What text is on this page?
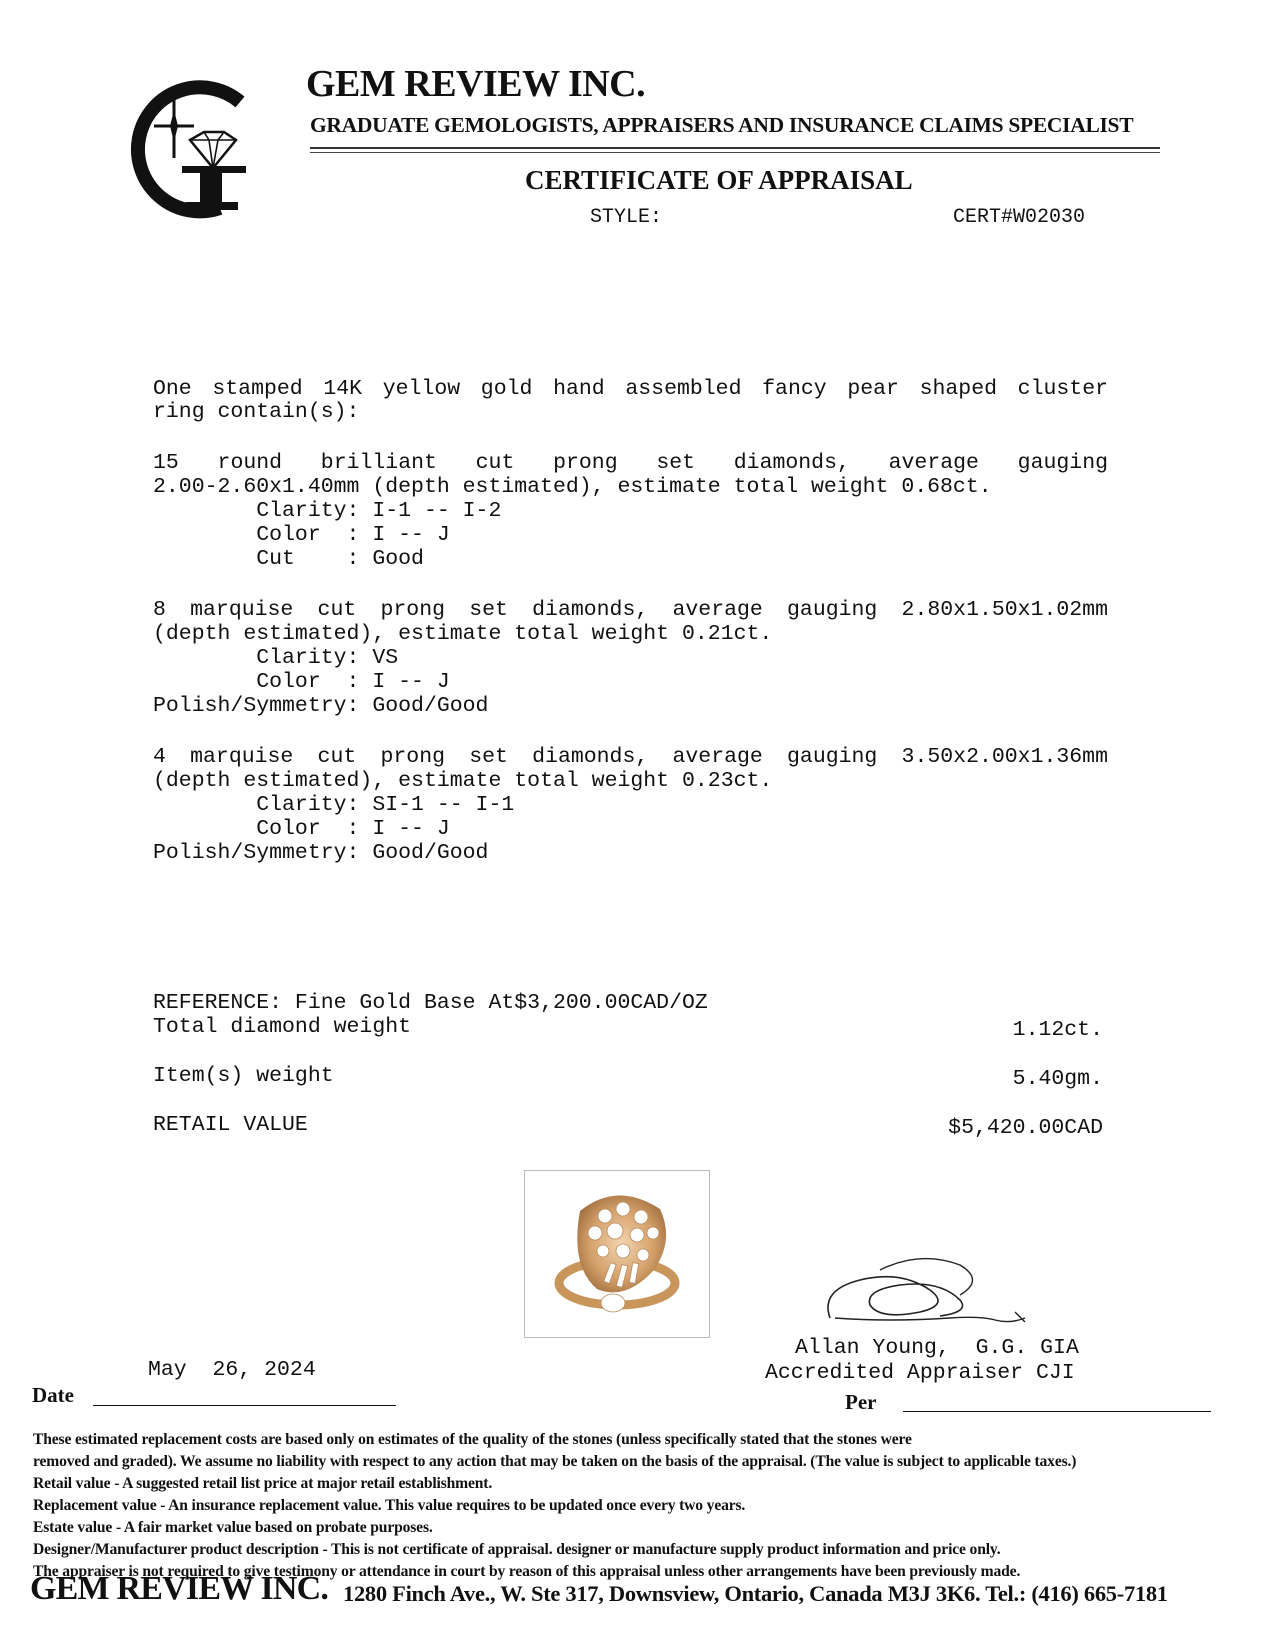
GEM REVIEW INC.
GRADUATE GEMOLOGISTS, APPRAISERS AND INSURANCE CLAIMS SPECIALIST
CERTIFICATE OF APPRAISAL
STYLE:	CERT#W02030
One stamped 14K yellow gold hand assembled fancy pear shaped cluster
ring contain(s):
15 round brilliant cut prong set diamonds, average gauging
2.00-2.60x1.40mm (depth estimated), estimate total weight 0.68ct.
Clarity: I-1 -- I-2
Color  : I -- J
Cut    : Good
8 marquise cut prong set diamonds, average gauging 2.80x1.50x1.02mm
(depth estimated), estimate total weight 0.21ct.
Clarity: VS
Color  : I -- J
Polish/Symmetry: Good/Good
4 marquise cut prong set diamonds, average gauging 3.50x2.00x1.36mm
(depth estimated), estimate total weight 0.23ct.
Clarity: SI-1 -- I-1
Color  : I -- J
Polish/Symmetry: Good/Good
REFERENCE: Fine Gold Base At$3,200.00CAD/OZ
Total diamond weight	1.12ct.
Item(s) weight	5.40gm.
RETAIL VALUE	$5,420.00CAD
Allan Young,  G.G. GIA
Accredited Appraiser CJI
May  26, 2024
Date	Per
These estimated replacement costs are based only on estimates of the quality of the stones (unless specifically stated that the stones were
removed and graded). We assume no liability with respect to any action that may be taken on the basis of the appraisal. (The value is subject to applicable taxes.)
Retail value - A suggested retail list price at major retail establishment.
Replacement value - An insurance replacement value. This value requires to be updated once every two years.
Estate value - A fair market value based on probate purposes.
Designer/Manufacturer product description - This is not certificate of appraisal. designer or manufacture supply product information and price only.
The appraiser is not required to give testimony or attendance in court by reason of this appraisal unless other arrangements have been previously made.
GEM REVIEW INC. 1280 Finch Ave., W. Ste 317, Downsview, Ontario, Canada M3J 3K6. Tel.: (416) 665-7181
